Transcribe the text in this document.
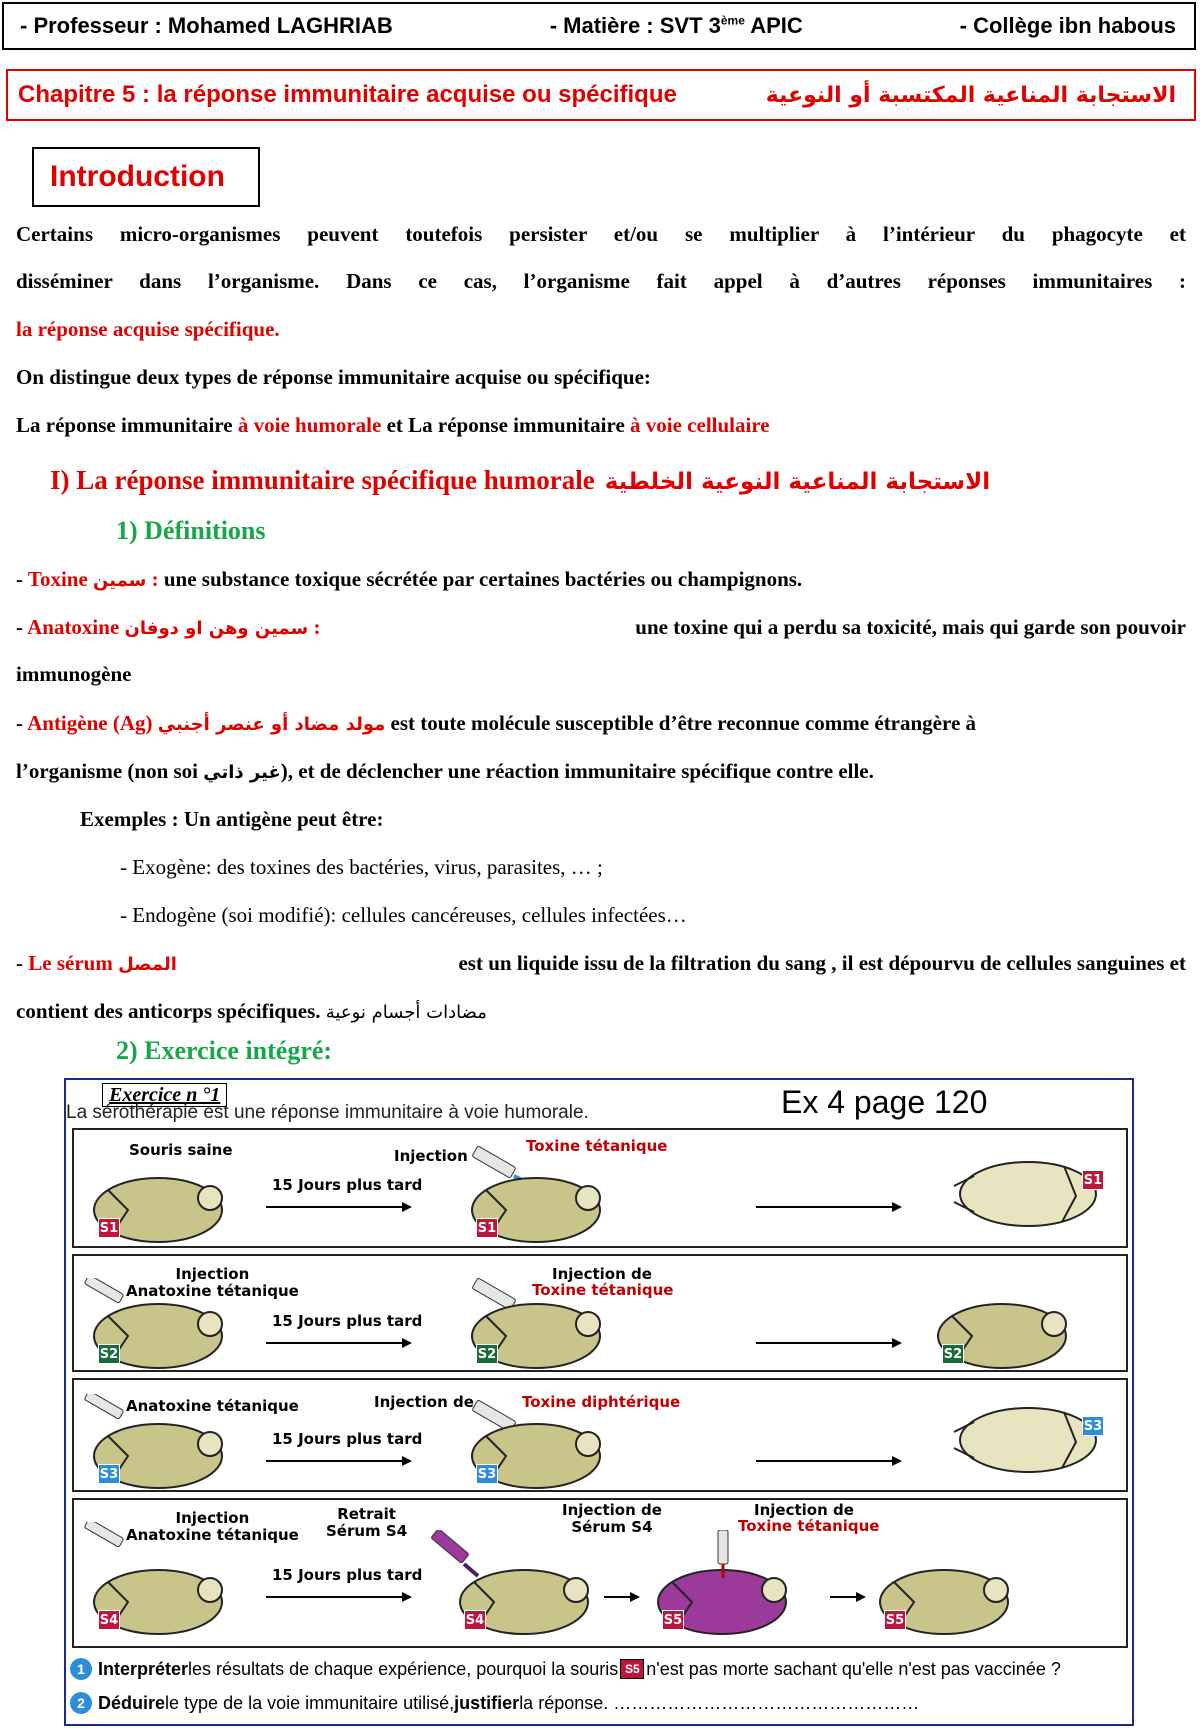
- Professeur : Mohamed LAGHRIAB	- Matière : SVT 3ème APIC	- Collège ibn habous
Chapitre 5 : la réponse immunitaire acquise ou spécifique	الاستجابة المناعية المكتسبة أو النوعية
Introduction
Certains micro-organismes peuvent toutefois persister et/ou se multiplier à l’intérieur du phagocyte et
disséminer dans l’organisme. Dans ce cas, l’organisme fait appel à d’autres réponses immunitaires :
la réponse acquise spécifique.
On distingue deux types de réponse immunitaire acquise ou spécifique:
La réponse immunitaire à voie humorale et La réponse immunitaire à voie cellulaire
I) La réponse immunitaire spécifique humorale الاستجابة المناعية النوعية الخلطية
1) Définitions
- Toxine سمين : une substance toxique sécrétée par certaines bactéries ou champignons.
- Anatoxine سمين وهن او دوفان :	une toxine qui a perdu sa toxicité, mais qui garde son pouvoir
immunogène
- Antigène (Ag) مولد مضاد أو عنصر أجنبي est toute molécule susceptible d’être reconnue comme étrangère à
l’organisme (non soi غير ذاتي), et de déclencher une réaction immunitaire spécifique contre elle.
Exemples : Un antigène peut être:
- Exogène: des toxines des bactéries, virus, parasites, … ;
- Endogène (soi modifié): cellules cancéreuses, cellules infectées…
- Le sérum المصل	est un liquide issu de la filtration du sang , il est dépourvu de cellules sanguines et
contient des anticorps spécifiques. مضادات أجسام نوعية
2) Exercice intégré:
Exercice n °1
La sérothérapie est une réponse immunitaire à voie humorale.	Ex 4 page 120
Souris saine	Injection
Toxine tétanique
15 Jours plus tard
S1	S1
S1
Injection
Anatoxine tétanique
Injection de
Toxine tétanique
15 Jours plus tard
S2	S2	S2
Anatoxine tétanique	Injection de	Toxine diphtérique
15 Jours plus tard
S3	S3
S3
Injection
Anatoxine tétanique
Retrait
Sérum S4
Injection de
Sérum S4
Injection de
Toxine tétanique
15 Jours plus tard
S4	S4	S5	S5
1 Interpréter les résultats de chaque expérience, pourquoi la souris S5 n'est pas morte sachant qu'elle n'est pas vaccinée ?
2 Déduire le type de la voie immunitaire utilisé, justifier la réponse. ……………………………………………
